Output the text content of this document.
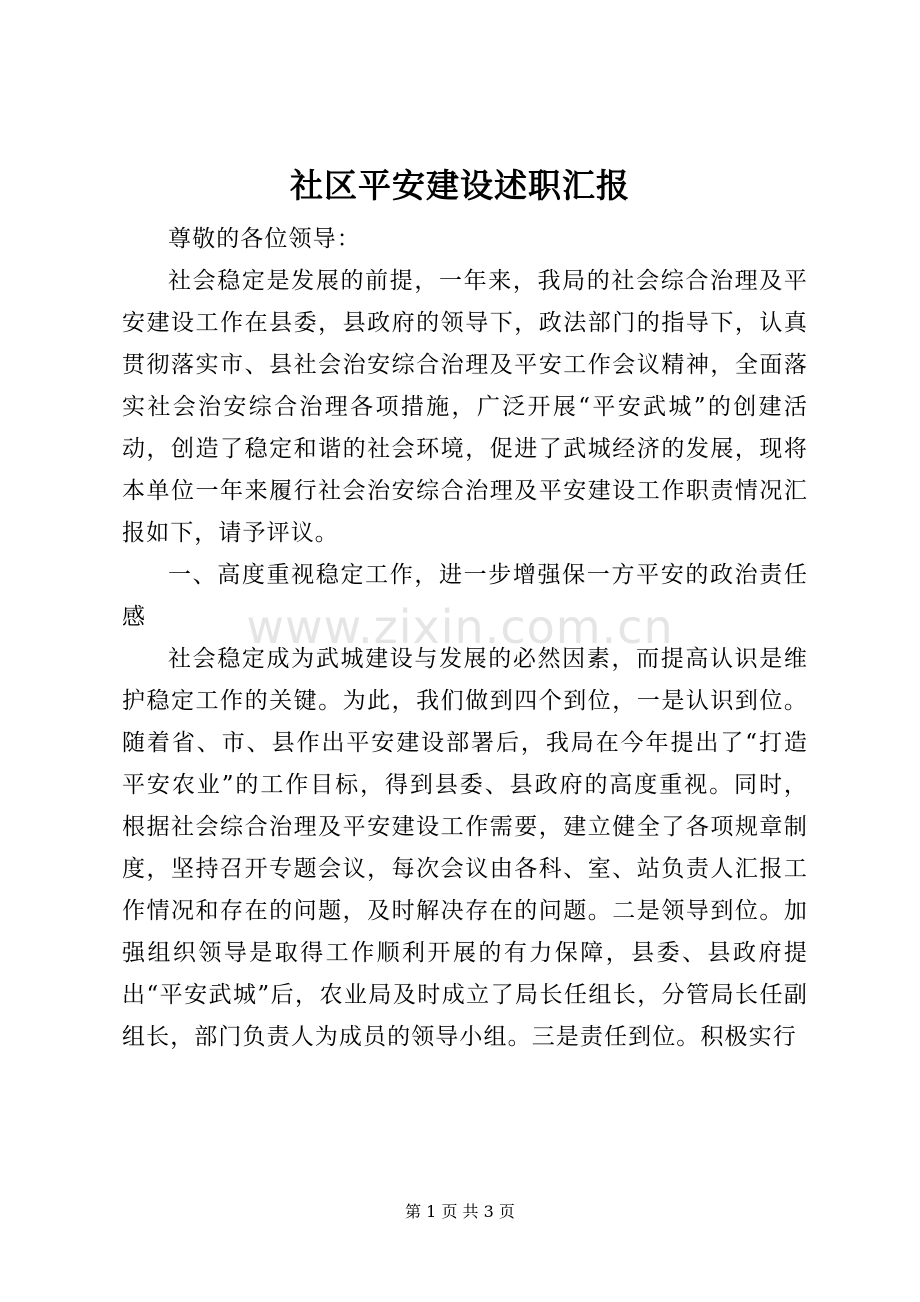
社区平安建设述职汇报

尊敬的各位领导：

社会稳定是发展的前提，一年来，我局的社会综合治理及平安建设工作在县委，县政府的领导下，政法部门的指导下，认真贯彻落实市、县社会治安综合治理及平安工作会议精神，全面落实社会治安综合治理各项措施，广泛开展“平安武城”的创建活动，创造了稳定和谐的社会环境，促进了武城经济的发展，现将本单位一年来履行社会治安综合治理及平安建设工作职责情况汇报如下，请予评议。

一、高度重视稳定工作，进一步增强保一方平安的政治责任感

社会稳定成为武城建设与发展的必然因素，而提高认识是维护稳定工作的关键。为此，我们做到四个到位，一是认识到位。随着省、市、县作出平安建设部署后，我局在今年提出了“打造平安农业”的工作目标，得到县委、县政府的高度重视。同时，根据社会综合治理及平安建设工作需要，建立健全了各项规章制度，坚持召开专题会议，每次会议由各科、室、站负责人汇报工作情况和存在的问题，及时解决存在的问题。二是领导到位。加强组织领导是取得工作顺利开展的有力保障，县委、县政府提出“平安武城”后，农业局及时成立了局长任组长，分管局长任副组长，部门负责人为成员的领导小组。三是责任到位。积极实行

www.zixin.com.cn
第 1 页 共 3 页
